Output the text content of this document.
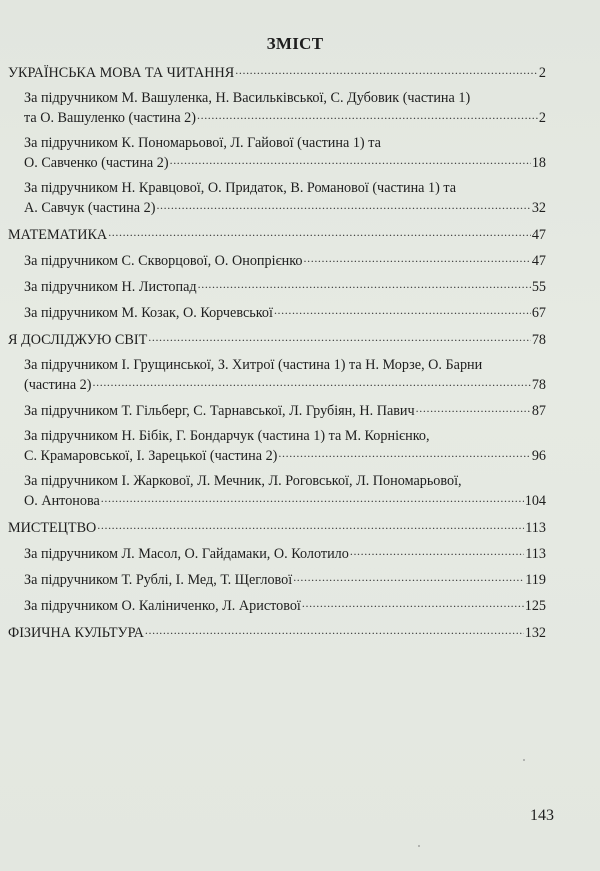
ЗМІСТ
УКРАЇНСЬКА МОВА ТА ЧИТАННЯ .....	2
За підручником М. Вашуленка, Н. Васильківської, С. Дубовик (частина 1)
та О. Вашуленко (частина 2) .....	2
За підручником К. Пономарьової, Л. Гайової (частина 1) та
О. Савченко (частина 2) .....	18
За підручником Н. Кравцової, О. Придаток, В. Романової (частина 1) та
А. Савчук (частина 2) .....	32
МАТЕМАТИКА .....	47
За підручником С. Скворцової, О. Онопрієнко .....	47
За підручником Н. Листопад .....	55
За підручником М. Козак, О. Корчевської .....	67
Я ДОСЛІДЖУЮ СВІТ .....	78
За підручником І. Грущинської, З. Хитрої (частина 1) та Н. Морзе, О. Барни
(частина 2) .....	78
За підручником Т. Гільберг, С. Тарнавської, Л. Грубіян, Н. Павич .....	87
За підручником Н. Бібік, Г. Бондарчук (частина 1) та М. Корнієнко,
С. Крамаровської, І. Зарецької (частина 2) .....	96
За підручником І. Жаркової, Л. Мечник, Л. Роговської, Л. Пономарьової,
О. Антонова .....	104
МИСТЕЦТВО .....	113
За підручником Л. Масол, О. Гайдамаки, О. Колотило .....	113
За підручником Т. Рублі, І. Мед, Т. Щеглової .....	119
За підручником О. Каліниченко, Л. Аристової .....	125
ФІЗИЧНА КУЛЬТУРА .....	132
143
